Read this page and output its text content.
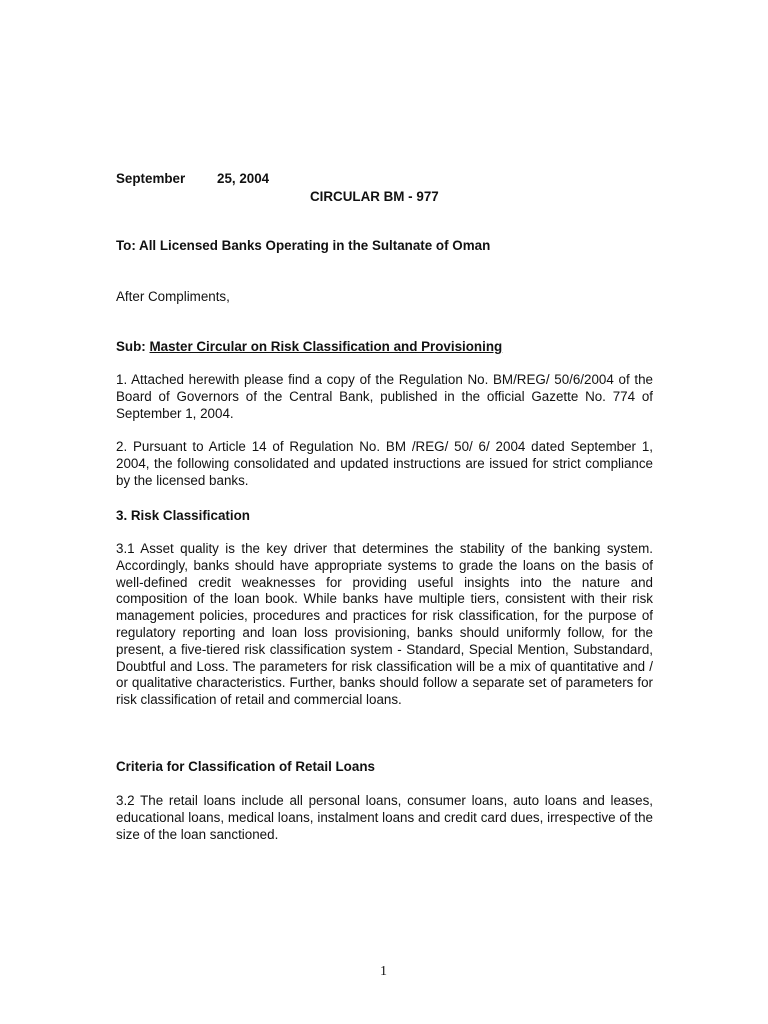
September 25, 2004
CIRCULAR BM - 977
To: All Licensed Banks Operating in the Sultanate of Oman
After Compliments,
Sub: Master Circular on Risk Classification and Provisioning
1. Attached herewith please find a copy of the Regulation No. BM/REG/ 50/6/2004 of the Board of Governors of the Central Bank, published in the official Gazette No. 774 of September 1, 2004.
2. Pursuant to Article 14 of Regulation No. BM /REG/ 50/ 6/ 2004 dated September 1, 2004, the following consolidated and updated instructions are issued for strict compliance by the licensed banks.
3. Risk Classification
3.1 Asset quality is the key driver that determines the stability of the banking system. Accordingly, banks should have appropriate systems to grade the loans on the basis of well-defined credit weaknesses for providing useful insights into the nature and composition of the loan book. While banks have multiple tiers, consistent with their risk management policies, procedures and practices for risk classification, for the purpose of regulatory reporting and loan loss provisioning, banks should uniformly follow, for the present, a five-tiered risk classification system - Standard, Special Mention, Substandard, Doubtful and Loss. The parameters for risk classification will be a mix of quantitative and / or qualitative characteristics. Further, banks should follow a separate set of parameters for risk classification of retail and commercial loans.
Criteria for Classification of Retail Loans
3.2 The retail loans include all personal loans, consumer loans, auto loans and leases, educational loans, medical loans, instalment loans and credit card dues, irrespective of the size of the loan sanctioned.
1
